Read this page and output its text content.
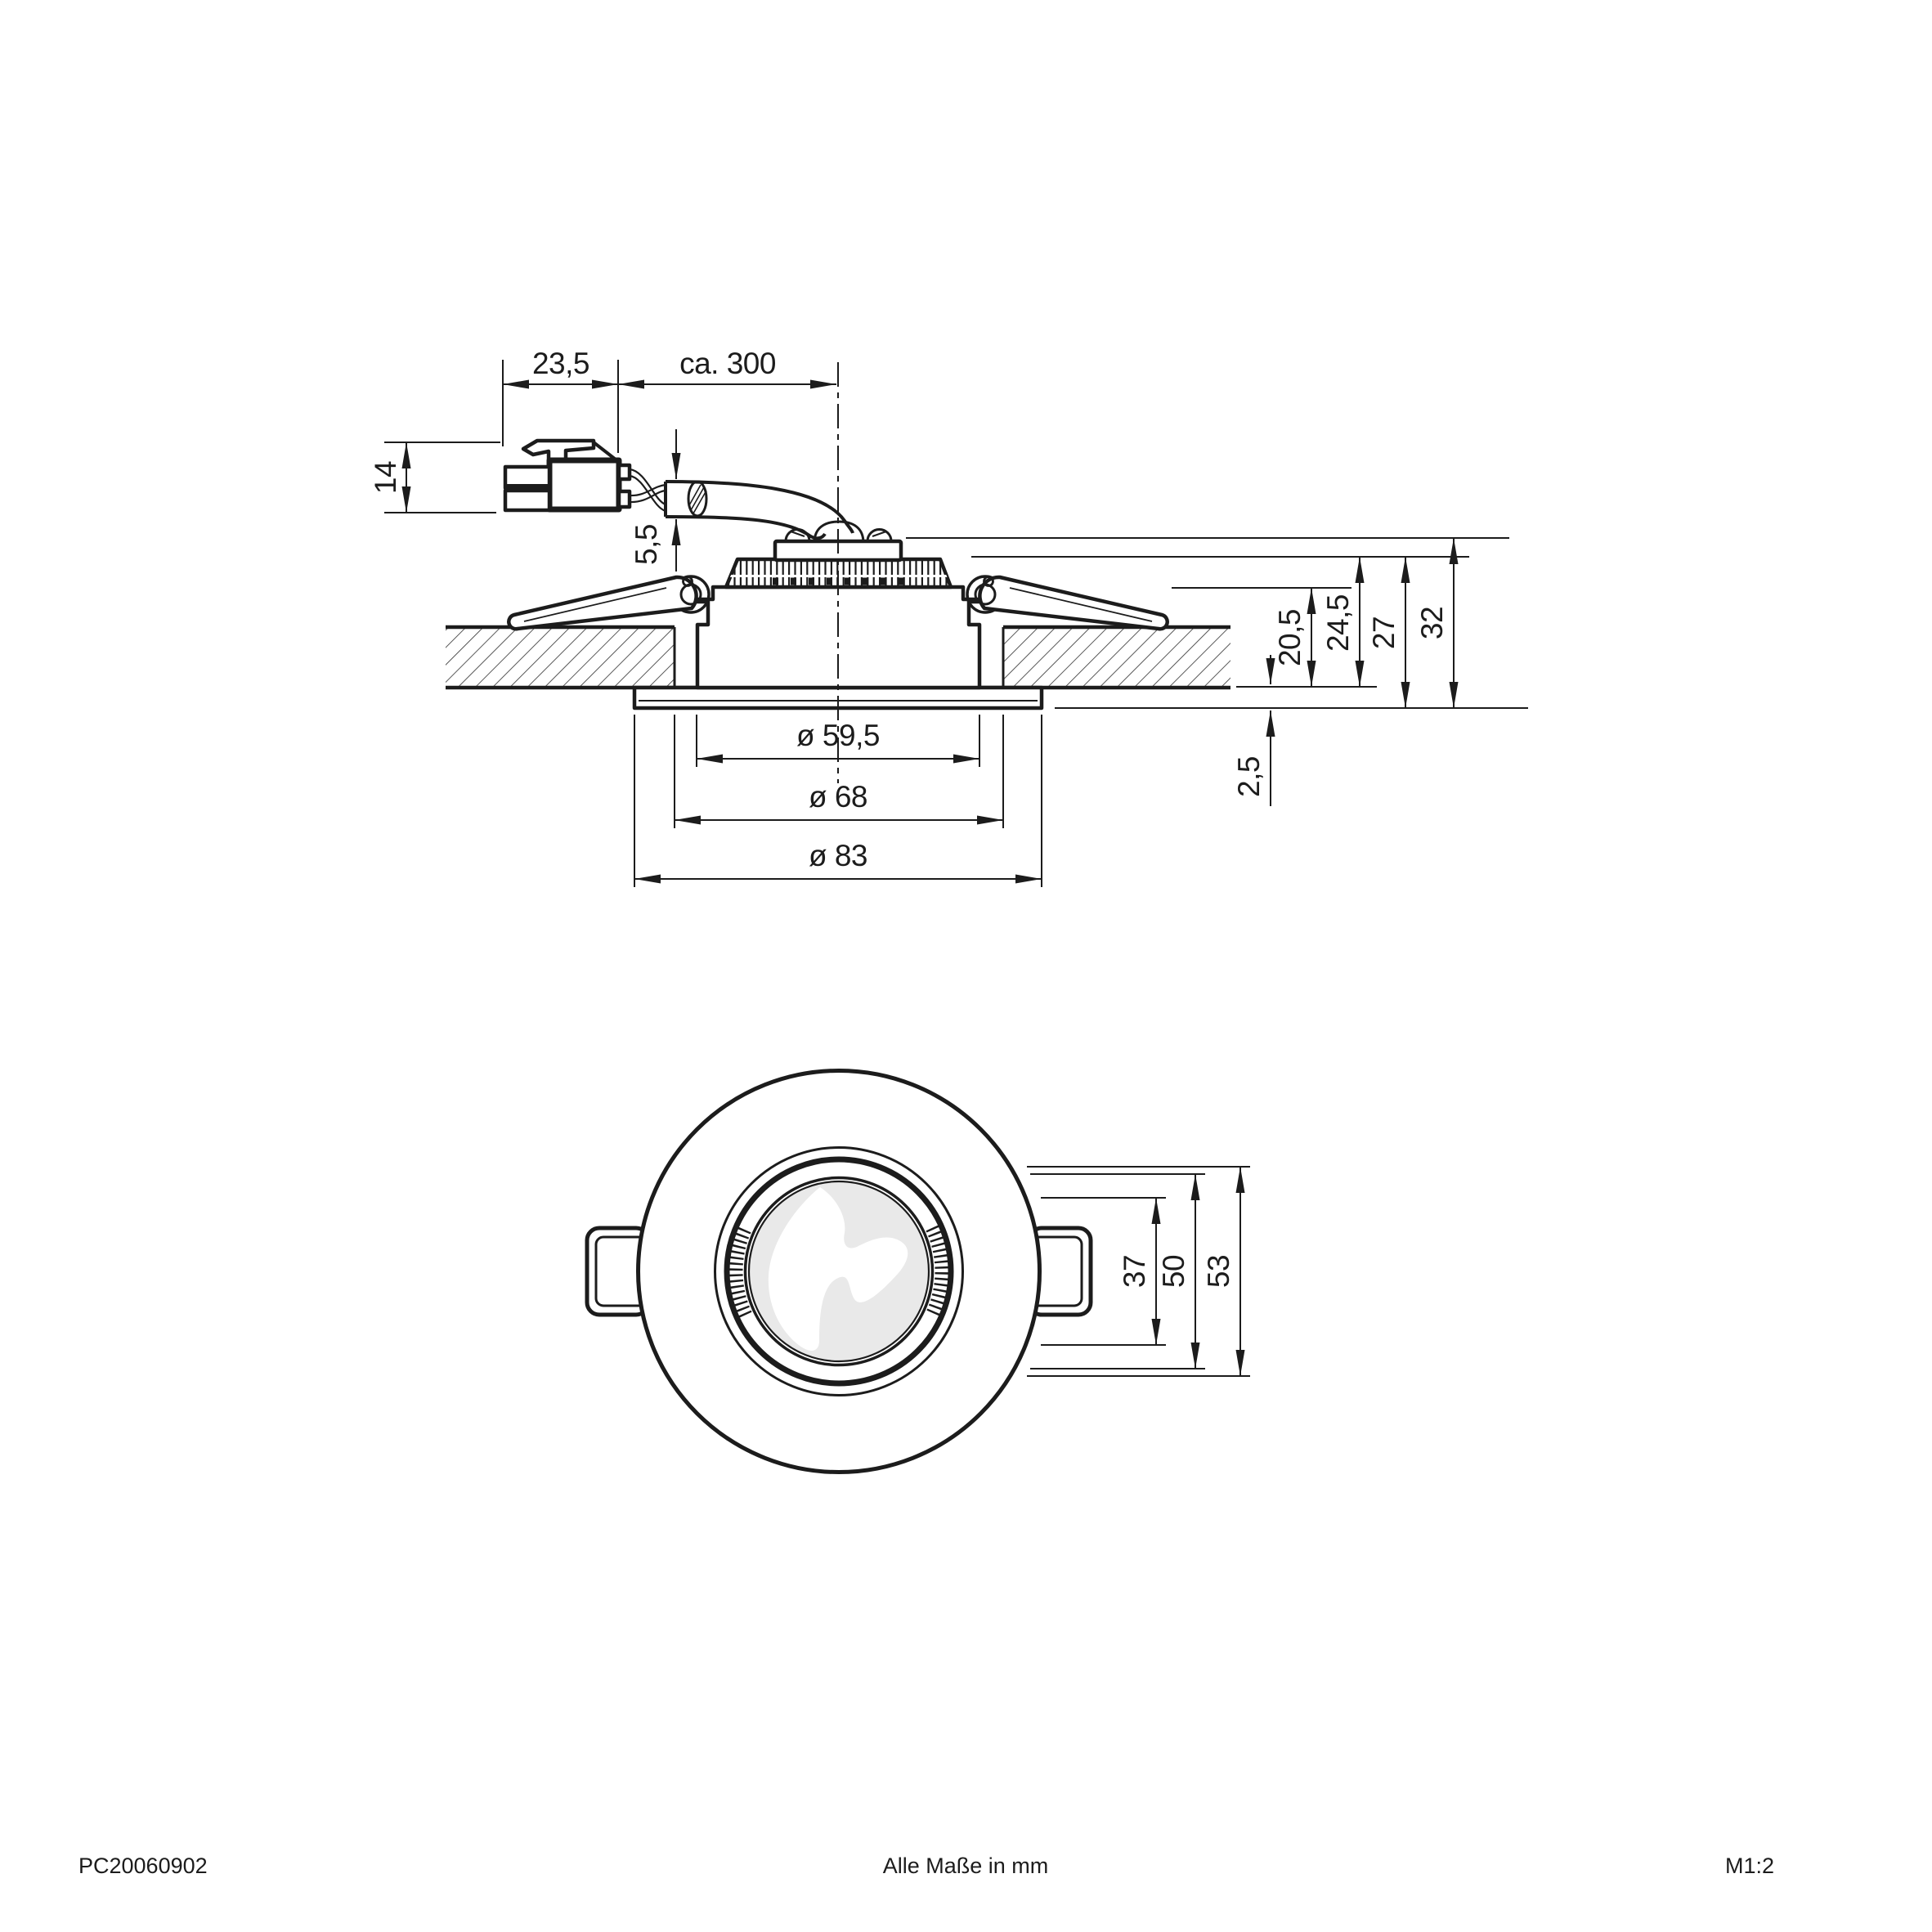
23,5	ca. 300
14
5,5
20,5 24,5 27 32
2,5
ø 59,5
ø 68
ø 83
37 50 53
PC20060902	Alle Maße in mm	M1:2
